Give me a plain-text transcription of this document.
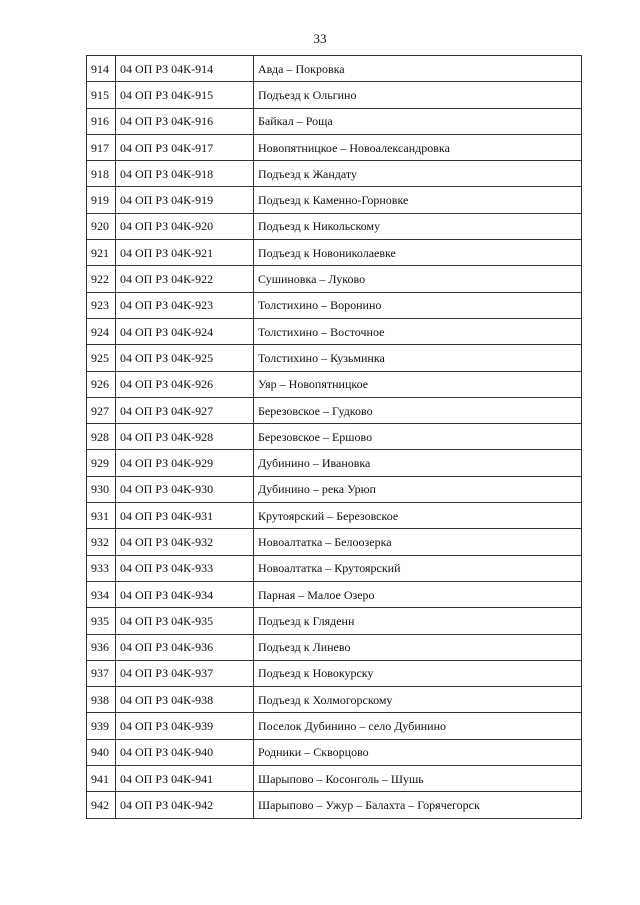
33
914	04 ОП РЗ 04К-914	Авда – Покровка
915	04 ОП РЗ 04К-915	Подъезд к Ольгино
916	04 ОП РЗ 04К-916	Байкал – Роща
917	04 ОП РЗ 04К-917	Новопятницкое – Новоалександровка
918	04 ОП РЗ 04К-918	Подъезд к Жандату
919	04 ОП РЗ 04К-919	Подъезд к Каменно-Горновке
920	04 ОП РЗ 04К-920	Подъезд к Никольскому
921	04 ОП РЗ 04К-921	Подъезд к Новониколаевке
922	04 ОП РЗ 04К-922	Сушиновка – Луково
923	04 ОП РЗ 04К-923	Толстихино – Воронино
924	04 ОП РЗ 04К-924	Толстихино – Восточное
925	04 ОП РЗ 04К-925	Толстихино – Кузьминка
926	04 ОП РЗ 04К-926	Уяр – Новопятницкое
927	04 ОП РЗ 04К-927	Березовское – Гудково
928	04 ОП РЗ 04К-928	Березовское – Ершово
929	04 ОП РЗ 04К-929	Дубинино – Ивановка
930	04 ОП РЗ 04К-930	Дубинино – река Урюп
931	04 ОП РЗ 04К-931	Крутоярский – Березовское
932	04 ОП РЗ 04К-932	Новоалтатка – Белоозерка
933	04 ОП РЗ 04К-933	Новоалтатка – Крутоярский
934	04 ОП РЗ 04К-934	Парная – Малое Озеро
935	04 ОП РЗ 04К-935	Подъезд к Гляденн
936	04 ОП РЗ 04К-936	Подъезд к Линево
937	04 ОП РЗ 04К-937	Подъезд к Новокурску
938	04 ОП РЗ 04К-938	Подъезд к Холмогорскому
939	04 ОП РЗ 04К-939	Поселок Дубинино – село Дубинино
940	04 ОП РЗ 04К-940	Родники – Скворцово
941	04 ОП РЗ 04К-941	Шарыпово – Косонголь – Шушь
942	04 ОП РЗ 04К-942	Шарыпово – Ужур – Балахта – Горячегорск
